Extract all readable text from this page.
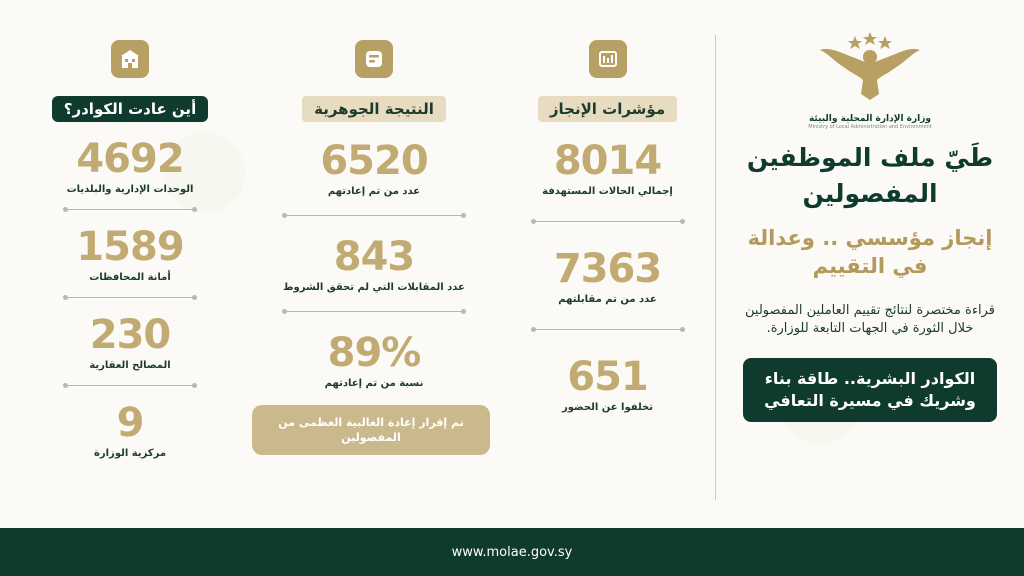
أين عادت الكوادر؟
4692
الوحدات الإدارية والبلديات
1589
أمانة المحافظات
230
المصالح العقارية
9
مركزية الوزارة
النتيجة الجوهرية
6520
عدد من تم إعادتهم
843
عدد المقابلات التي لم تحقق الشروط
89%
نسبة من تم إعادتهم
تم إقرار إعادة الغالبية العظمى من المفصولين
مؤشرات الإنجاز
8014
إجمالي الحالات المستهدفة
7363
عدد من تم مقابلتهم
651
تخلفوا عن الحضور
وزارة الإدارة المحلية والبيئة
Ministry of Local Administration and Environment
طَيّ ملف الموظفين المفصولين
إنجاز مؤسسي .. وعدالة في التقييم
قراءة مختصرة لنتائج تقييم العاملين المفصولين خلال الثورة في الجهات التابعة للوزارة.
الكوادر البشرية.. طاقة بناء وشريك في مسيرة التعافي
www.molae.gov.sy
